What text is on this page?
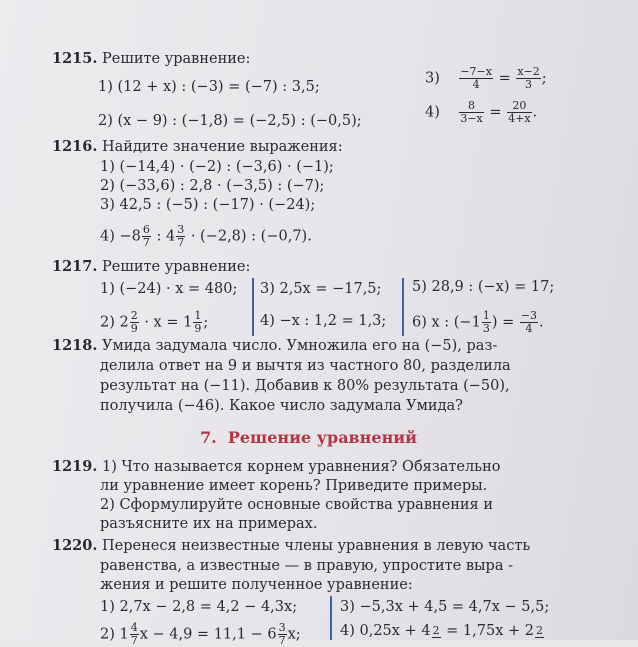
1215. Решите уравнение:
1) (12 + x) : (−3) = (−7) : 3,5;
$3) \frac{-7-x}{4} = \frac{x-2}{3}$ ;
2) (x − 9) : (−1,8) = (−2,5) : (−0,5);
$4) \frac{8}{3-x} = \frac{20}{4+x}$ .
1216. Найдите значение выражения:
1) (−14,4) · (−2) : (−3,6) · (−1);
2) (−33,6) : 2,8 · (−3,5) : (−7);
3) 42,5 : (−5) : (−17) · (−24);
$4) -8 \frac{6}{7}$ : $4 \frac{3}{7} \cdot (-2,8)$ : (−0,7).
1217. Решите уравнение:
1) (−24) · x = 480; 3) 2,5x = −17,5; 5) 28,9 : (−x) = 17;
2) $2 \frac{2}{9} \cdot x = 1 \frac{1}{9}$ ;	4) −x : 1,2 = 1,3; 6) x : ($-1 \frac{1}{3}$ ) = $\frac{-3}{4}$ .
1218. Умида задумала число. Умножила его на (−5), раз-
делила ответ на 9 и вычтя из частного 80, разделила
результат на (−11). Добавив к 80% результата (−50),
получила (−46). Какое число задумала Умида?
7. Решение уравнений
1219. 1) Что называется корнем уравнения? Обязательно
ли уравнение имеет корень? Приведите примеры.
2) Сформулируйте основные свойства уравнения и
разъясните их на примерах.
1220. Перенеся неизвестные члены уравнения в левую часть
равенства, а известные — в правую, упростите выра -
жения и решите полученное уравнение:
1) 2,7x − 2,8 = 4,2 − 4,3x;	3) −5,3x + 4,5 = 4,7x − 5,5;
2) $1 \frac{4}{7}$ $x - 4,9 = 11,1 - 6 \frac{3}{7} x$;	4) 0,25x + 4 2 = 1,75x + 2 2
